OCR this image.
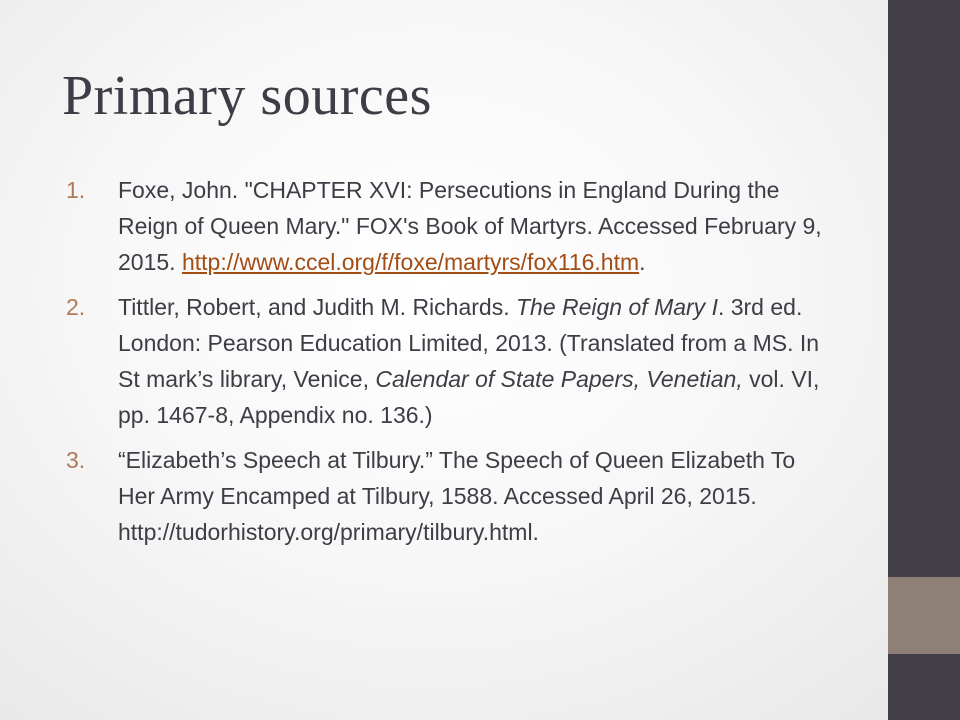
Primary sources
1. Foxe, John. "CHAPTER XVI: Persecutions in England During the Reign of Queen Mary." FOX's Book of Martyrs. Accessed February 9, 2015. http://www.ccel.org/f/foxe/martyrs/fox116.htm.
2. Tittler, Robert, and Judith M. Richards. The Reign of Mary I. 3rd ed. London: Pearson Education Limited, 2013. (Translated from a MS. In St mark’s library, Venice, Calendar of State Papers, Venetian, vol. VI, pp. 1467-8, Appendix no. 136.)
3. “Elizabeth’s Speech at Tilbury.” The Speech of Queen Elizabeth To Her Army Encamped at Tilbury, 1588. Accessed April 26, 2015. http://tudorhistory.org/primary/tilbury.html.
